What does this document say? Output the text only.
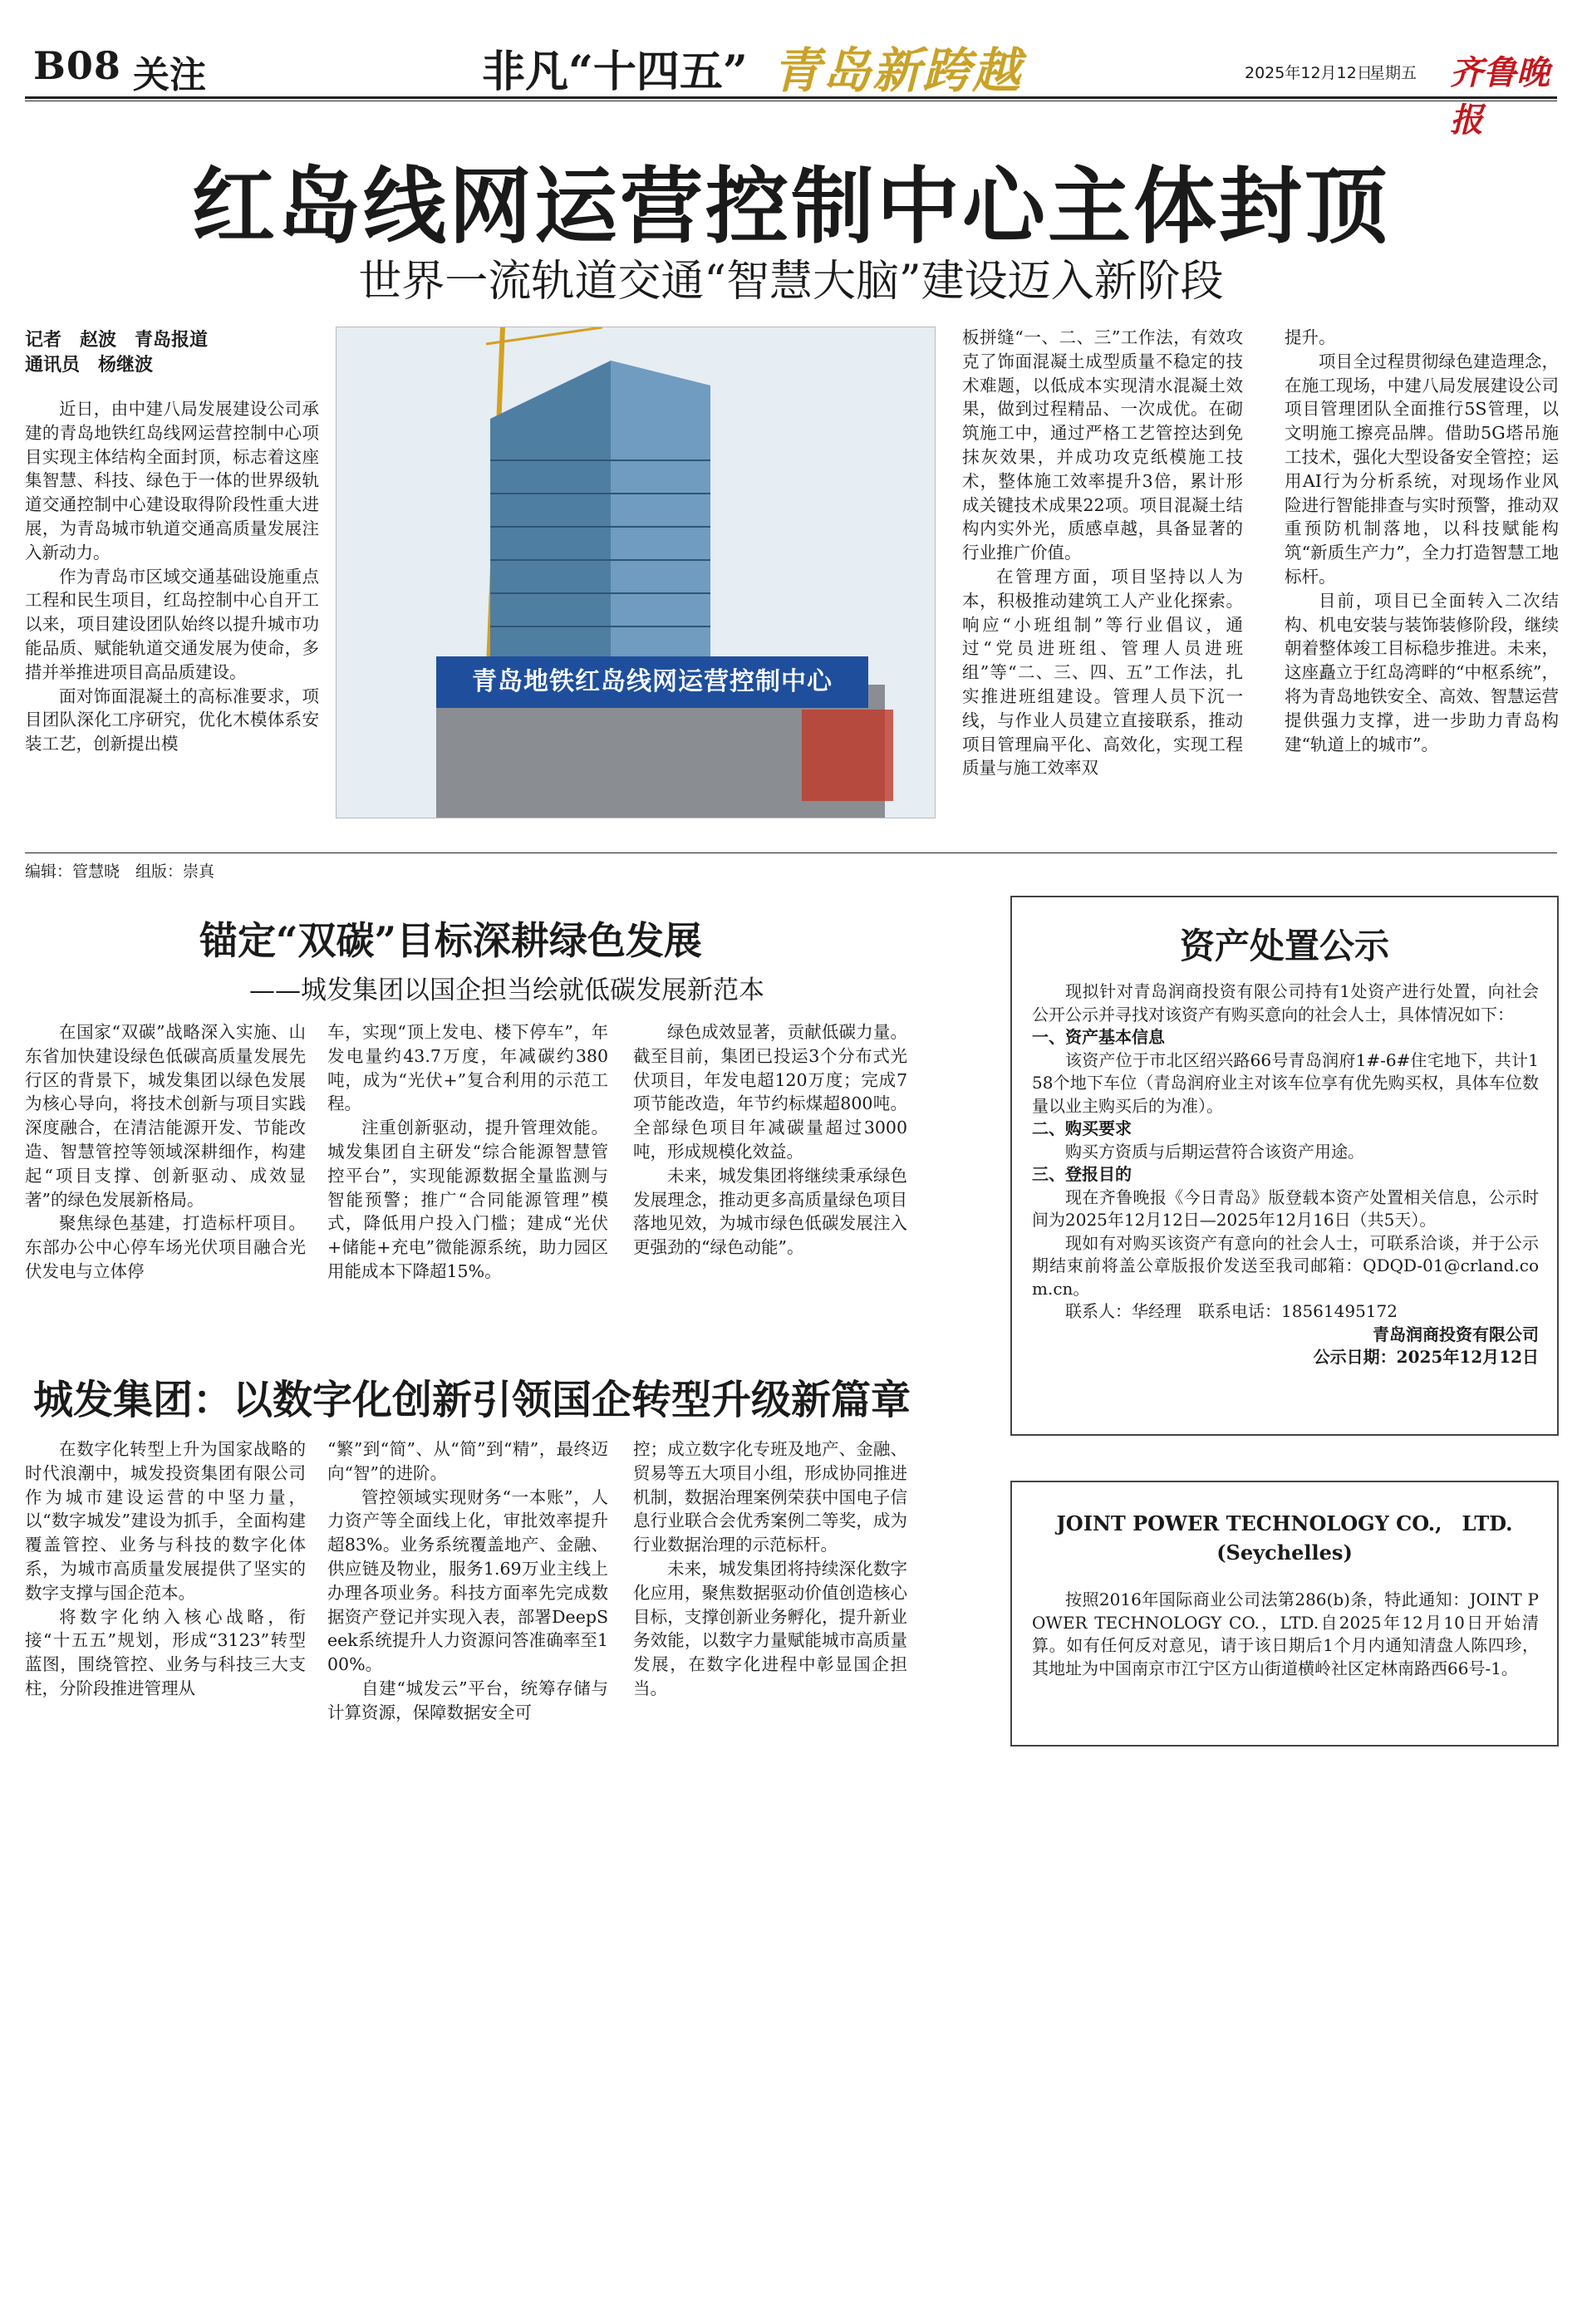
B08 关注	非凡“十四五” 青岛新跨越	2025年12月12日
星期五 齐鲁晚报
红岛线网运营控制中心主体封顶
世界一流轨道交通“智慧大脑”建设迈入新阶段
记者　赵波　青岛报道
通讯员　杨继波

近日，由中建八局发展建设公司承建的青岛地铁红岛线网运营控制中心项目实现主体结构全面封顶，标志着这座集智慧、科技、绿色于一体的世界级轨道交通控制中心建设取得阶段性重大进展，为青岛城市轨道交通高质量发展注入新动力。

作为青岛市区域交通基础设施重点工程和民生项目，红岛控制中心自开工以来，项目建设团队始终以提升城市功能品质、赋能轨道交通发展为使命，多措并举推进项目高品质建设。

面对饰面混凝土的高标准要求，项目团队深化工序研究，优化木模体系安装工艺，创新提出模

青岛地铁红岛线网运营控制中心

板拼缝“一、二、三”工作法，有效攻克了饰面混凝土成型质量不稳定的技术难题，以低成本实现清水混凝土效果，做到过程精品、一次成优。在砌筑施工中，通过严格工艺管控达到免抹灰效果，并成功攻克纸模施工技术，整体施工效率提升3倍，累计形成关键技术成果22项。项目混凝土结构内实外光，质感卓越，具备显著的行业推广价值。

在管理方面，项目坚持以人为本，积极推动建筑工人产业化探索。响应“小班组制”等行业倡议，通过“党员进班组、管理人员进班组”等“二、三、四、五”工作法，扎实推进班组建设。管理人员下沉一线，与作业人员建立直接联系，推动项目管理扁平化、高效化，实现工程质量与施工效率双

提升。

项目全过程贯彻绿色建造理念，在施工现场，中建八局发展建设公司项目管理团队全面推行5S管理，以文明施工擦亮品牌。借助5G塔吊施工技术，强化大型设备安全管控；运用AI行为分析系统，对现场作业风险进行智能排查与实时预警，推动双重预防机制落地，以科技赋能构筑“新质生产力”，全力打造智慧工地标杆。

目前，项目已全面转入二次结构、机电安装与装饰装修阶段，继续朝着整体竣工目标稳步推进。未来，这座矗立于红岛湾畔的“中枢系统”，将为青岛地铁安全、高效、智慧运营提供强力支撑，进一步助力青岛构建“轨道上的城市”。

编辑：管慧晓　组版：崇真
锚定“双碳”目标深耕绿色发展
——城发集团以国企担当绘就低碳发展新范本

在国家“双碳”战略深入实施、山东省加快建设绿色低碳高质量发展先行区的背景下，城发集团以绿色发展为核心导向，将技术创新与项目实践深度融合，在清洁能源开发、节能改造、智慧管控等领域深耕细作，构建起“项目支撑、创新驱动、成效显著”的绿色发展新格局。

聚焦绿色基建，打造标杆项目。东部办公中心停车场光伏项目融合光伏发电与立体停

车，实现“顶上发电、楼下停车”，年发电量约43.7万度，年减碳约380吨，成为“光伏+”复合利用的示范工程。

注重创新驱动，提升管理效能。城发集团自主研发“综合能源智慧管控平台”，实现能源数据全量监测与智能预警；推广“合同能源管理”模式，降低用户投入门槛；建成“光伏+储能+充电”微能源系统，助力园区用能成本下降超15%。

绿色成效显著，贡献低碳力量。截至目前，集团已投运3个分布式光伏项目，年发电超120万度；完成7项节能改造，年节约标煤超800吨。全部绿色项目年减碳量超过3000吨，形成规模化效益。

未来，城发集团将继续秉承绿色发展理念，推动更多高质量绿色项目落地见效，为城市绿色低碳发展注入更强劲的“绿色动能”。

城发集团：以数字化创新引领国企转型升级新篇章

在数字化转型上升为国家战略的时代浪潮中，城发投资集团有限公司作为城市建设运营的中坚力量，以“数字城发”建设为抓手，全面构建覆盖管控、业务与科技的数字化体系，为城市高质量发展提供了坚实的数字支撑与国企范本。

将数字化纳入核心战略，衔接“十五五”规划，形成“3123”转型蓝图，围绕管控、业务与科技三大支柱，分阶段推进管理从

“繁”到“简”、从“简”到“精”，最终迈向“智”的进阶。

管控领域实现财务“一本账”，人力资产等全面线上化，审批效率提升超83%。业务系统覆盖地产、金融、供应链及物业，服务1.69万业主线上办理各项业务。科技方面率先完成数据资产登记并实现入表，部署DeepSeek系统提升人力资源问答准确率至100%。

自建“城发云”平台，统筹存储与计算资源，保障数据安全可

控；成立数字化专班及地产、金融、贸易等五大项目小组，形成协同推进机制，数据治理案例荣获中国电子信息行业联合会优秀案例二等奖，成为行业数据治理的示范标杆。

未来，城发集团将持续深化数字化应用，聚焦数据驱动价值创造核心目标，支撑创新业务孵化，提升新业务效能，以数字力量赋能城市高质量发展，在数字化进程中彰显国企担当。

资产处置公示

现拟针对青岛润商投资有限公司持有1处资产进行处置，向社会公开公示并寻找对该资产有购买意向的社会人士，具体情况如下：

一、资产基本信息

该资产位于市北区绍兴路66号青岛润府1#-6#住宅地下，共计158个地下车位（青岛润府业主对该车位享有优先购买权，具体车位数量以业主购买后的为准）。

二、购买要求

购买方资质与后期运营符合该资产用途。

三、登报目的

现在齐鲁晚报《今日青岛》版登载本资产处置相关信息，公示时间为2025年12月12日—2025年12月16日（共5天）。

现如有对购买该资产有意向的社会人士，可联系洽谈，并于公示期结束前将盖公章版报价发送至我司邮箱：QDQD-01@crland.com.cn。

联系人：华经理　联系电话：18561495172

青岛润商投资有限公司

公示日期：2025年12月12日

JOINT POWER TECHNOLOGY CO.,　LTD.
(Seychelles)
按照2016年国际商业公司法第286(b)条，特此通知：JOINT POWER TECHNOLOGY CO.，LTD.自2025年12月10日开始清算。如有任何反对意见，请于该日期后1个月内通知清盘人陈四珍，其地址为中国南京市江宁区方山街道横岭社区定林南路西66号-1。
